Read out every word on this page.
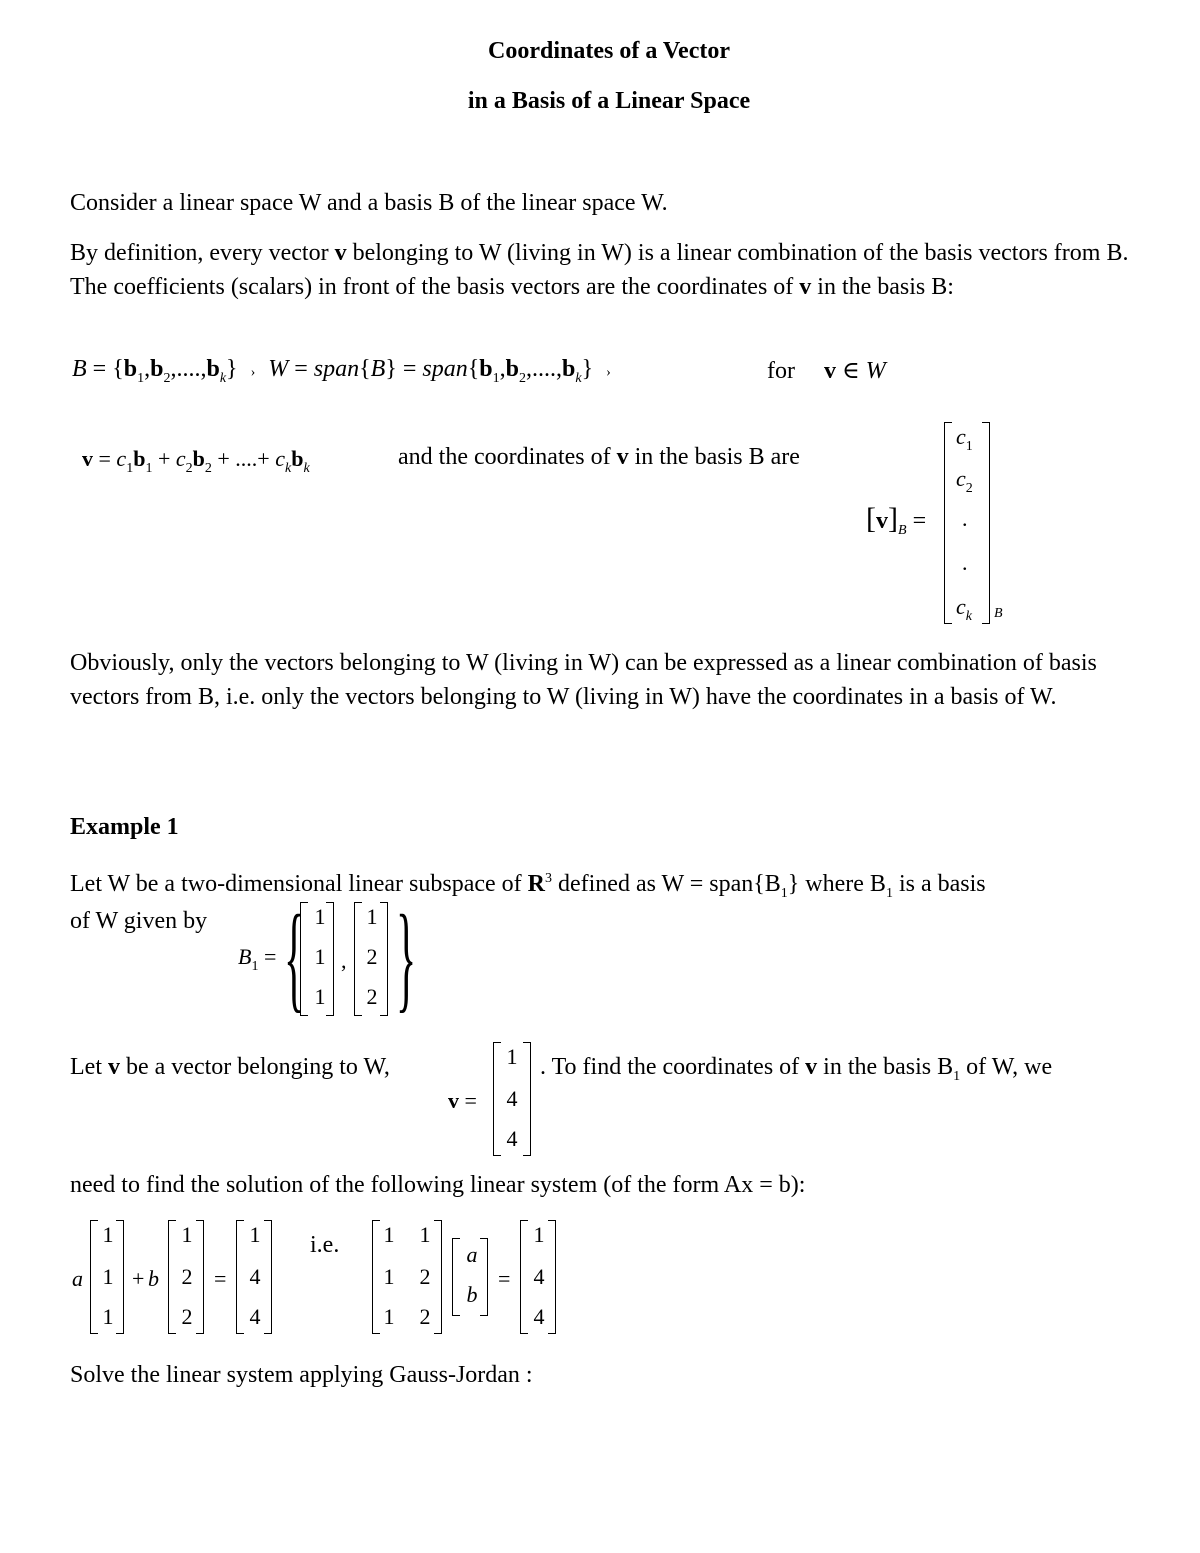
Coordinates of a Vector
in a Basis of a Linear Space
Consider a linear space W and a basis B of the linear space W.
By definition, every vector v belonging to W (living in W) is a linear combination of the basis vectors from B. The coefficients (scalars) in front of the basis vectors are the coordinates of v in the basis B:
$B = \{b_1,b_2,....,b_k\}$   ›   W = span{B} = $span\{b_1,b_2,....,b_k\}$   ›	for v ∈ W
$v = c_1b_1 + c_2b_2$ + ....+ $c_kb_k$	and the coordinates of v in the basis B are
$[v]_B$ =
$c_1$
$c_2$
.
.
$c_k$ B
Obviously, only the vectors belonging to W (living in W) can be expressed as a linear combination of basis vectors from B, i.e. only the vectors belonging to W (living in W) have the coordinates in a basis of W.
Example 1
Let W be a two-dimensional linear subspace of $R^3$ defined as $W = span\{B_1\}$ where $B_1$ is a basis
of W given by
$B_1$ = { 1
1
1
,
1
2
2 }
Let v be a vector belonging to W,
v =
1
4
4
. To find the coordinates of v in the basis $B_1$ of W, we
need to find the solution of the following linear system (of the form Ax = b):
a
1
1
1
+ b
1
2
2
=
1
4
4
i.e.	1	1
1	2
1	2
a
b
=
1
4
4
Solve the linear system applying Gauss-Jordan :
